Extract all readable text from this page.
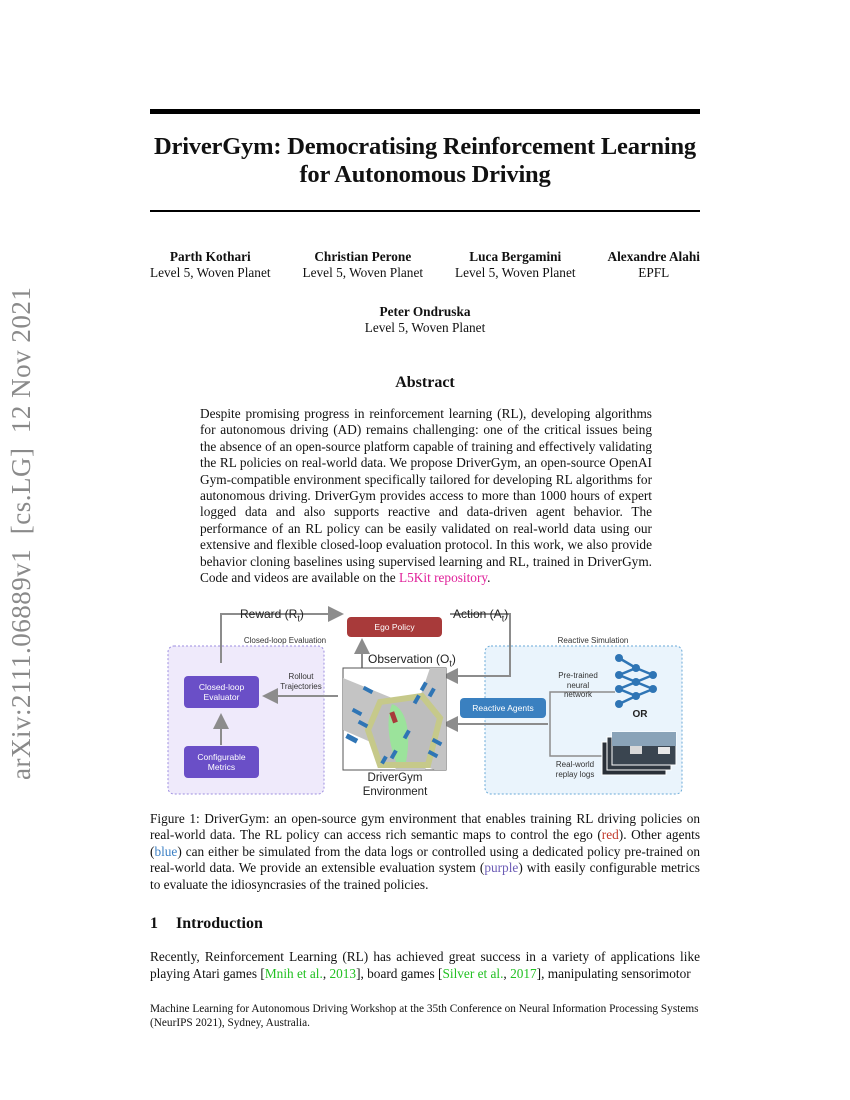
arXiv:2111.06889v1  [cs.LG]  12 Nov 2021
DriverGym: Democratising Reinforcement Learning
for Autonomous Driving
Parth Kothari
Level 5, Woven Planet
Christian Perone
Level 5, Woven Planet
Luca Bergamini
Level 5, Woven Planet
Alexandre Alahi
EPFL
Peter Ondruska
Level 5, Woven Planet
Abstract
Despite promising progress in reinforcement learning (RL), developing algorithms for autonomous driving (AD) remains challenging: one of the critical issues being the absence of an open-source platform capable of training and effectively validating the RL policies on real-world data. We propose DriverGym, an open-source OpenAI Gym-compatible environment specifically tailored for developing RL algorithms for autonomous driving. DriverGym provides access to more than 1000 hours of expert logged data and also supports reactive and data-driven agent behavior. The performance of an RL policy can be easily validated on real-world data using our extensive and flexible closed-loop evaluation protocol. In this work, we also provide behavior cloning baselines using supervised learning and RL, trained in DriverGym. Code and videos are available on the L5Kit repository.
Reward $(R_t)$	Action $(A_t)$
Observation $(O_t)$
Ego Policy
Closed-loop Evaluation
Closed-loop Evaluator
Configurable Metrics
Rollout Trajectories
DriverGym Environment
Reactive Simulation
Reactive Agents
Pre-trained neural network
OR
Real-world replay logs
Figure 1: DriverGym: an open-source gym environment that enables training RL driving policies on real-world data. The RL policy can access rich semantic maps to control the ego (red). Other agents (blue) can either be simulated from the data logs or controlled using a dedicated policy pre-trained on real-world data. We provide an extensible evaluation system (purple) with easily configurable metrics to evaluate the idiosyncrasies of the trained policies.
1 Introduction
Recently, Reinforcement Learning (RL) has achieved great success in a variety of applications like playing Atari games [Mnih et al., 2013], board games [Silver et al., 2017], manipulating sensorimotor
Machine Learning for Autonomous Driving Workshop at the 35th Conference on Neural Information Processing Systems (NeurIPS 2021), Sydney, Australia.
